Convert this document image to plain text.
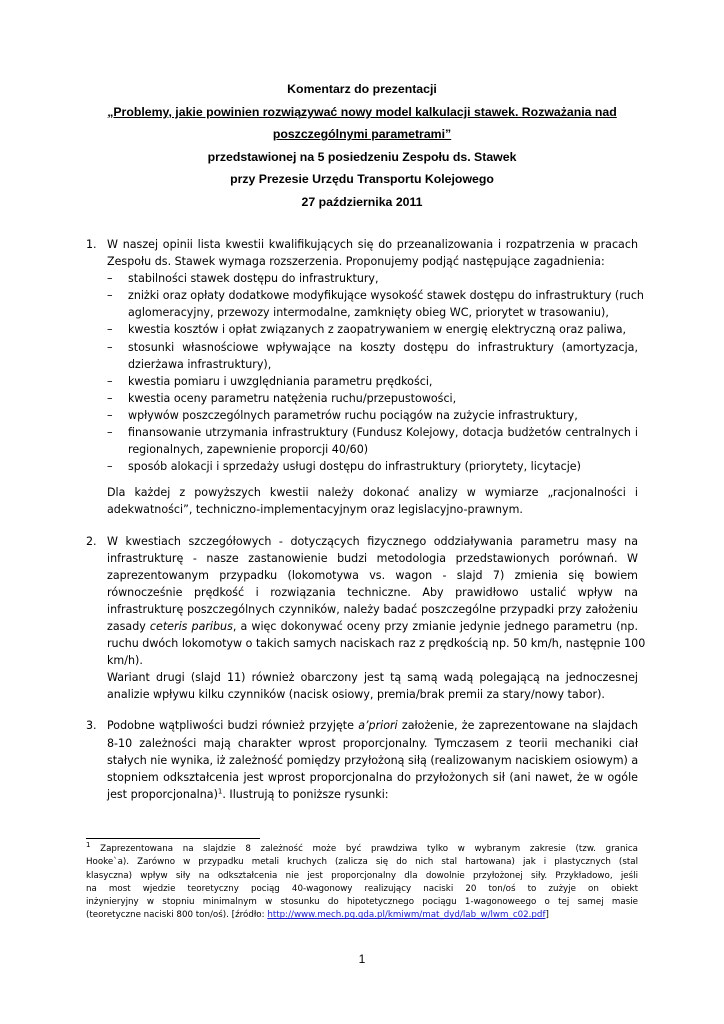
Komentarz do prezentacji
„Problemy, jakie powinien rozwiązywać nowy model kalkulacji stawek. Rozważania nad
poszczególnymi parametrami”
przedstawionej na 5 posiedzeniu Zespołu ds. Stawek
przy Prezesie Urzędu Transportu Kolejowego
27 października 2011
1. W naszej opinii lista kwestii kwalifikujących się do przeanalizowania i rozpatrzenia w pracach
Zespołu ds. Stawek wymaga rozszerzenia. Proponujemy podjąć następujące zagadnienia:
–	stabilności stawek dostępu do infrastruktury,
–	zniżki oraz opłaty dodatkowe modyfikujące wysokość stawek dostępu do infrastruktury (ruch
aglomeracyjny, przewozy intermodalne, zamknięty obieg WC, priorytet w trasowaniu),
–	kwestia kosztów i opłat związanych z zaopatrywaniem w energię elektryczną oraz paliwa,
–	stosunki własnościowe wpływające na koszty dostępu do infrastruktury (amortyzacja,
dzierżawa infrastruktury),
–	kwestia pomiaru i uwzględniania parametru prędkości,
–	kwestia oceny parametru natężenia ruchu/przepustowości,
–	wpływów poszczególnych parametrów ruchu pociągów na zużycie infrastruktury,
–	finansowanie utrzymania infrastruktury (Fundusz Kolejowy, dotacja budżetów centralnych i
regionalnych, zapewnienie proporcji 40/60)
–	sposób alokacji i sprzedaży usługi dostępu do infrastruktury (priorytety, licytacje)
Dla każdej z powyższych kwestii należy dokonać analizy w wymiarze „racjonalności i
adekwatności”, techniczno-implementacyjnym oraz legislacyjno-prawnym.
2. W kwestiach szczegółowych - dotyczących fizycznego oddziaływania parametru masy na
infrastrukturę - nasze zastanowienie budzi metodologia przedstawionych porównań. W
zaprezentowanym przypadku (lokomotywa vs. wagon - slajd 7) zmienia się bowiem
równocześnie prędkość i rozwiązania techniczne. Aby prawidłowo ustalić wpływ na
infrastrukturę poszczególnych czynników, należy badać poszczególne przypadki przy założeniu
zasady ceteris paribus, a więc dokonywać oceny przy zmianie jedynie jednego parametru (np.
ruchu dwóch lokomotyw o takich samych naciskach raz z prędkością np. 50 km/h, następnie 100
km/h).
Wariant drugi (slajd 11) również obarczony jest tą samą wadą polegającą na jednoczesnej
analizie wpływu kilku czynników (nacisk osiowy, premia/brak premii za stary/nowy tabor).
3. Podobne wątpliwości budzi również przyjęte a’priori założenie, że zaprezentowane na slajdach
8-10 zależności mają charakter wprost proporcjonalny. Tymczasem z teorii mechaniki ciał
stałych nie wynika, iż zależność pomiędzy przyłożoną siłą (realizowanym naciskiem osiowym) a
stopniem odkształcenia jest wprost proporcjonalna do przyłożonych sił (ani nawet, że w ogóle
jest proporcjonalna)$^1$. Ilustrują to poniższe rysunki:
$^1$ Zaprezentowana na slajdzie 8 zależność może być prawdziwa tylko w wybranym zakresie (tzw. granica
Hooke`a). Zarówno w przypadku metali kruchych (zalicza się do nich stal hartowana) jak i plastycznych (stal
klasyczna) wpływ siły na odkształcenia nie jest proporcjonalny dla dowolnie przyłożonej siły. Przykładowo, jeśli
na most wjedzie teoretyczny pociąg 40-wagonowy realizujący naciski 20 ton/oś to zużyje on obiekt
inżynieryjny w stopniu minimalnym w stosunku do hipotetycznego pociągu 1-wagonoweego o tej samej masie
(teoretyczne naciski 800 ton/oś). [źródło: http://www.mech.pg.gda.pl/kmiwm/mat_dyd/lab_w/lwm_c02.pdf]
1
